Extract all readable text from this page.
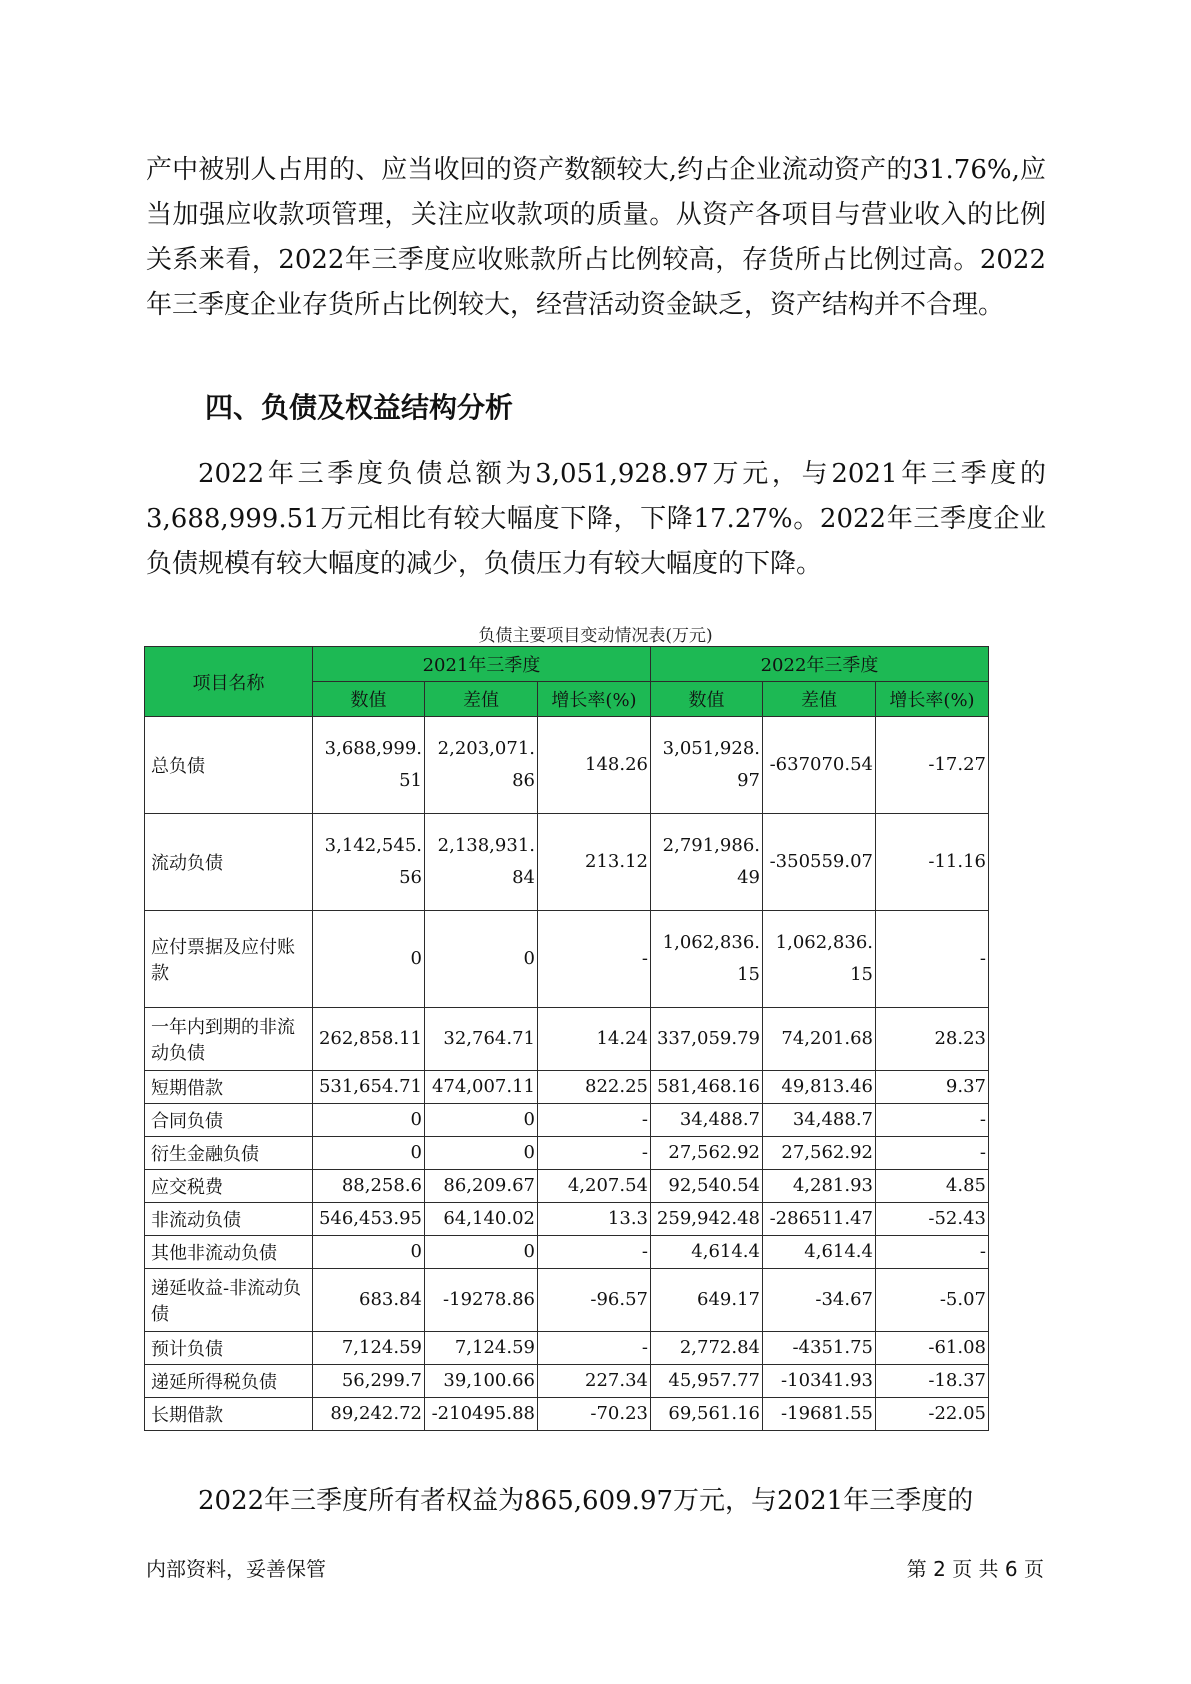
产中被别人占用的、应当收回的资产数额较大,约占企业流动资产的31.76%,应当加强应收款项管理，关注应收款项的质量。从资产各项目与营业收入的比例关系来看，2022年三季度应收账款所占比例较高，存货所占比例过高。2022年三季度企业存货所占比例较大，经营活动资金缺乏，资产结构并不合理。

四、负债及权益结构分析

2022年三季度负债总额为3,051,928.97万元，与2021年三季度的3,688,999.51万元相比有较大幅度下降，下降17.27%。2022年三季度企业负债规模有较大幅度的减少，负债压力有较大幅度的下降。

负债主要项目变动情况表(万元)
项目名称	2021年三季度			2022年三季度		
	数值	差值	增长率(%)	数值	差值	增长率(%)
总负债	3,688,999.51	2,203,071.86	148.26	3,051,928.97	-637070.54	-17.27
流动负债	3,142,545.56	2,138,931.84	213.12	2,791,986.49	-350559.07	-11.16
应付票据及应付账款	0	0	-	1,062,836.15	1,062,836.15	-
一年内到期的非流动负债	262,858.11	32,764.71	14.24	337,059.79	74,201.68	28.23
短期借款	531,654.71	474,007.11	822.25	581,468.16	49,813.46	9.37
合同负债	0	0	-	34,488.7	34,488.7	-
衍生金融负债	0	0	-	27,562.92	27,562.92	-
应交税费	88,258.6	86,209.67	4,207.54	92,540.54	4,281.93	4.85
非流动负债	546,453.95	64,140.02	13.3	259,942.48	-286511.47	-52.43
其他非流动负债	0	0	-	4,614.4	4,614.4	-
递延收益-非流动负债	683.84	-19278.86	-96.57	649.17	-34.67	-5.07
预计负债	7,124.59	7,124.59	-	2,772.84	-4351.75	-61.08
递延所得税负债	56,299.7	39,100.66	227.34	45,957.77	-10341.93	-18.37
长期借款	89,242.72	-210495.88	-70.23	69,561.16	-19681.55	-22.05

2022年三季度所有者权益为865,609.97万元，与2021年三季度的

内部资料，妥善保管	第 2 页 共 6 页
